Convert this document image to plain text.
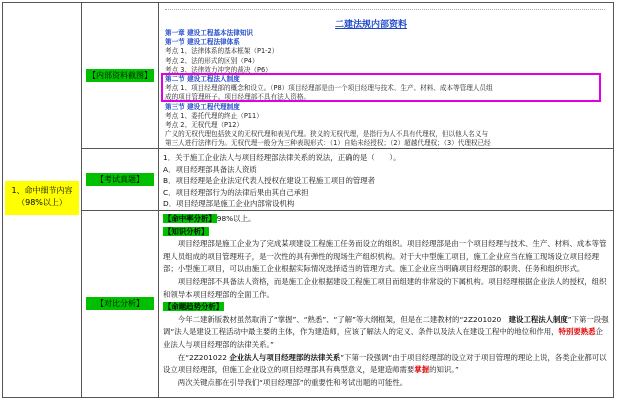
1、命中细节内容
（98%以上）
【内部资料截图】
【考试真题】
【对比分析】
二建法规内部资料
第一章 建设工程基本法律知识
第一节 建设工程法律体系
考点 1、法律体系的基本框架（P1-2）
考点 2、法的形式的区别（P4）
考点 3、法律效力冲突的裁决（P6）
第二节 建设工程法人制度
考点 1、项目经理部的概念和设立。（P8）项目经理部是由一个项目经理与技术、生产、材料、成本等管理人员组
成的项目管理班子。项目经理部不具有法人资格。
第三节 建设工程代理制度
考点 1、委托代理的终止（P11）
考点 2、无权代理（P12）
广义的无权代理包括狭义的无权代理和表见代理。狭义的无权代理，是指行为人不具有代理权，但以他人名义与
第三人进行法律行为。无权代理一般分为三种表现形式：（1）自始未经授权；（2）超越代理权；（3）代理权已经

1．关于施工企业法人与项目经理部法律关系的说法，正确的是（　　）。

A．项目经理部具备法人资质

B．项目经理是企业法定代表人授权在建设工程施工项目的管理者

C．项目经理部行为的法律后果由其自己承担

D．项目经理部是施工企业内部常设机构

【命中率分析】98%以上。

【知识分析】

项目经理部是施工企业为了完成某项建设工程施工任务而设立的组织。项目经理部是由一个项目经理与技术、生产、材料、成本等管理人员组成的项目管理班子，是一次性的具有弹性的现场生产组织机构。对于大中型施工项目，施工企业应当在施工现场设立项目经理部；小型施工项目，可以由施工企业根据实际情况选择适当的管理方式。施工企业应当明确项目经理部的职责、任务和组织形式。

项目经理部不具备法人资格，而是施工企业根据建设工程施工项目而组建的非常设的下属机构。项目经理根据企业法人的授权，组织和领导本项目经理部的全面工作。

【命题趋势分析】

今年二建新版教材虽然取消了“掌握”、“熟悉”、“了解”等大纲框架，但是在二建教材的“2Z201020　建设工程法人制度”下第一段强调“法人是建设工程活动中最主要的主体，作为建造师，应该了解法人的定义、条件以及法人在建设工程中的地位和作用，特别要熟悉企业法人与项目经理部的法律关系。”

在“2Z201022 企业法人与项目经理部的法律关系”下第一段强调“由于项目经理部的设立对于项目管理的理论上说，各类企业都可以设立项目经理部，但施工企业设立的项目经理部具有典型意义，是建造师需要掌握的知识。”

两次关键点都在引导我们“项目经理部”的重要性和考试出题的可能性。
